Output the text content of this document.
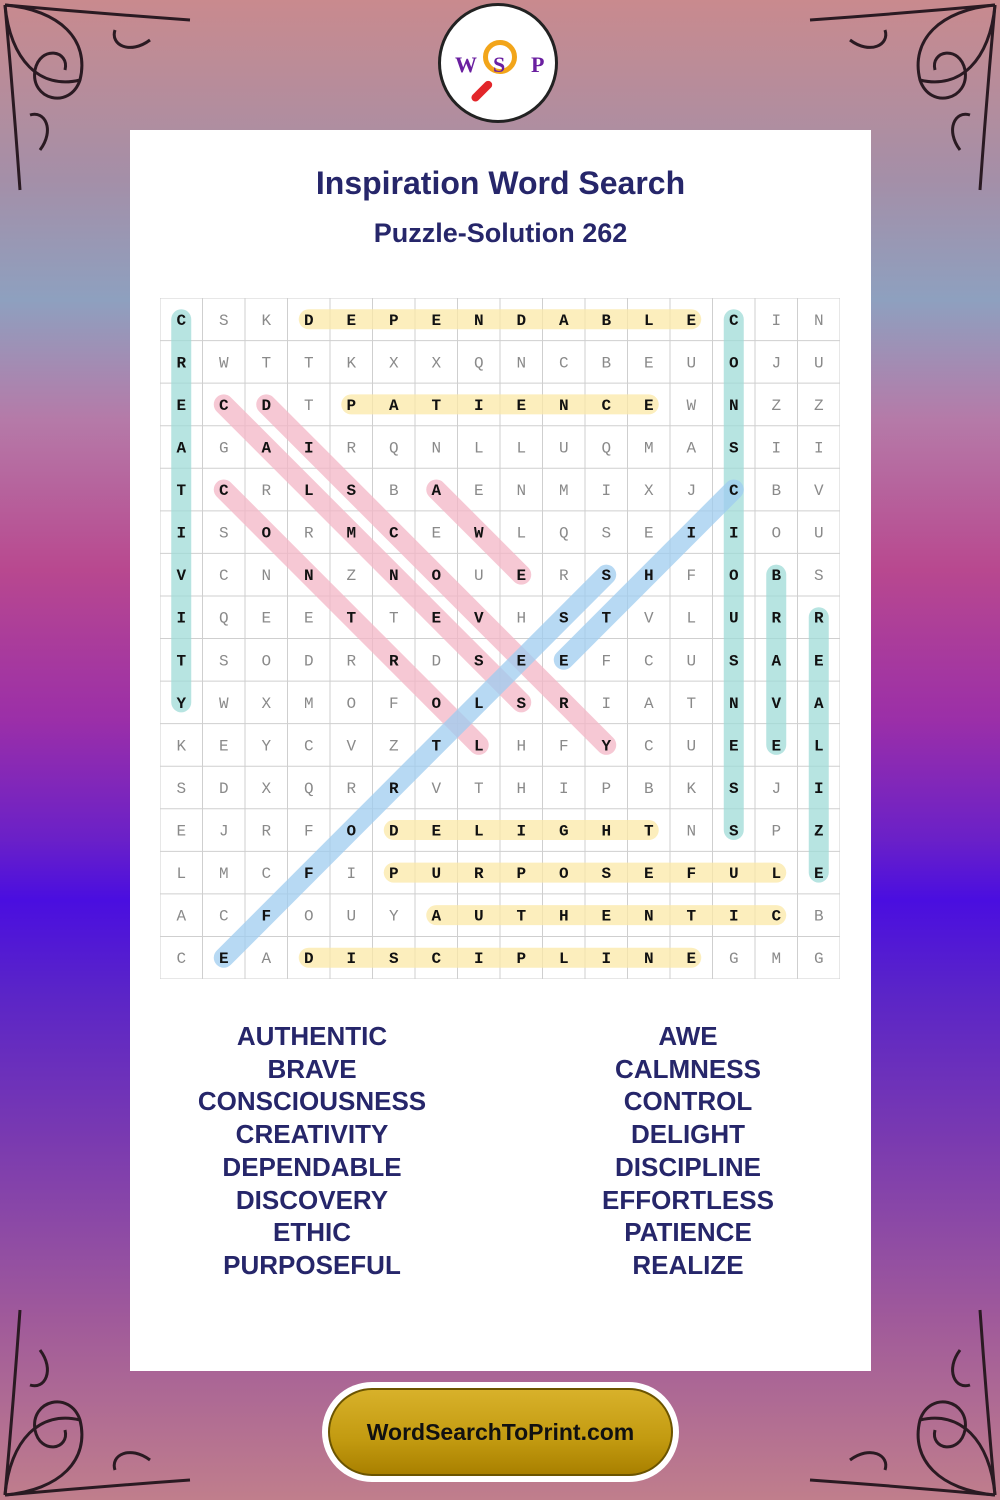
W S P
Inspiration Word Search
Puzzle-Solution 262
C S K D E P E N D A B L E C I N
R W T T K X X Q N C B E U O J U
E C D T P A T I E N C E W N Z Z
A G A I R Q N L L U Q M A S I I
T C R L S B A E N M I X J C B V
I S O R M C E W L Q S E I I O U
V C N N Z N O U E R S H F O B S
I Q E E T T E V H S T V L U R R
T S O D R R D S E E F C U S A E
Y W X M O F O L S R I A T N V A
K E Y C V Z T L H F Y C U E E L
S D X Q R R V T H I P B K S J I
E J R F O D E L I G H T N S P Z
L M C F I P U R P O S E F U L E
A C F O U Y A U T H E N T I C B
C E A D I S C I P L I N E G M G
AUTHENTIC
BRAVE
CONSCIOUSNESS
CREATIVITY
DEPENDABLE
DISCOVERY
ETHIC
PURPOSEFUL
AWE
CALMNESS
CONTROL
DELIGHT
DISCIPLINE
EFFORTLESS
PATIENCE
REALIZE
WordSearchToPrint.com
